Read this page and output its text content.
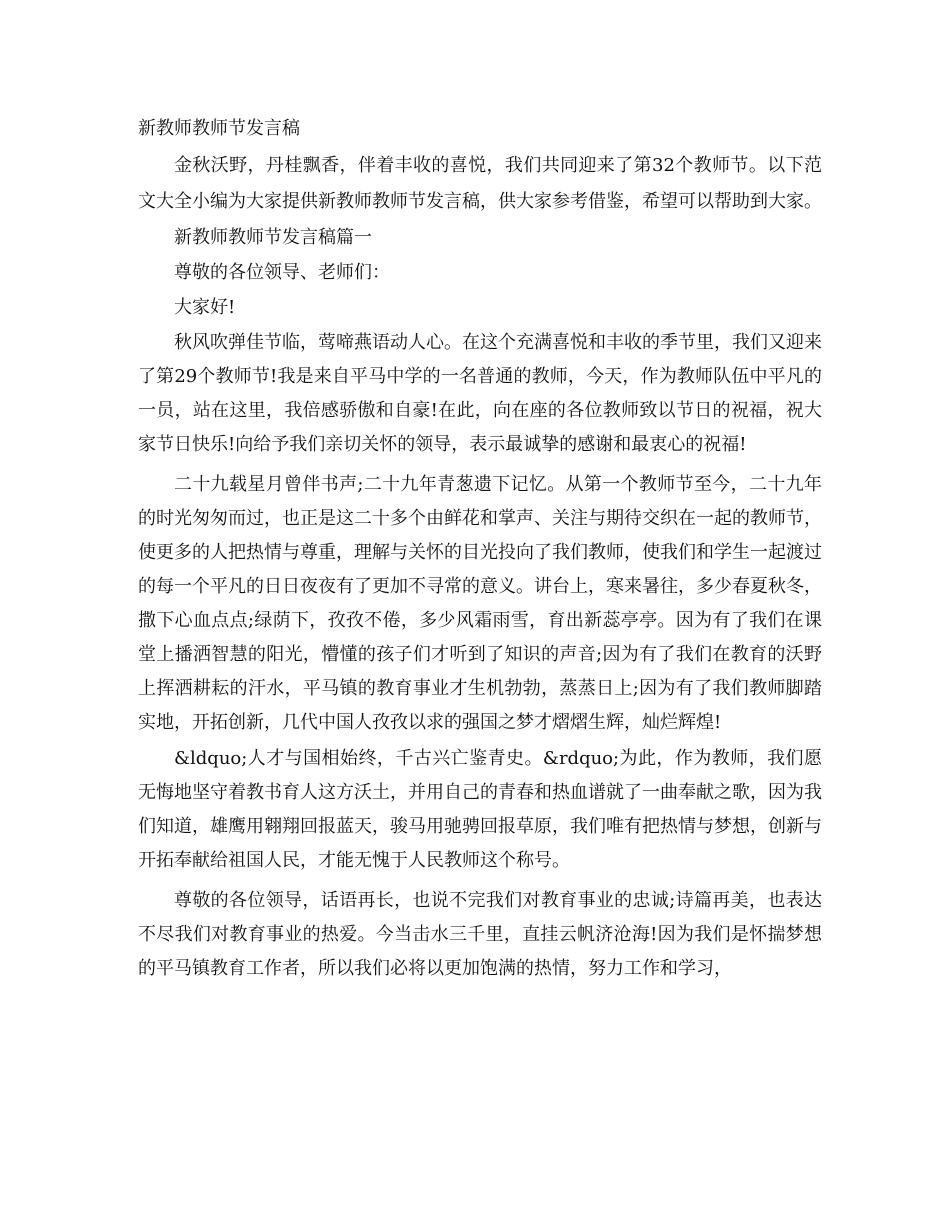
新教师教师节发言稿

金秋沃野，丹桂飘香，伴着丰收的喜悦，我们共同迎来了第32个教师节。以下范文大全小编为大家提供新教师教师节发言稿，供大家参考借鉴，希望可以帮助到大家。

新教师教师节发言稿篇一

尊敬的各位领导、老师们：

大家好!

秋风吹弹佳节临，莺啼燕语动人心。在这个充满喜悦和丰收的季节里，我们又迎来了第29个教师节!我是来自平马中学的一名普通的教师，今天，作为教师队伍中平凡的一员，站在这里，我倍感骄傲和自豪!在此，向在座的各位教师致以节日的祝福，祝大家节日快乐!向给予我们亲切关怀的领导，表示最诚挚的感谢和最衷心的祝福!

二十九载星月曾伴书声;二十九年青葱遗下记忆。从第一个教师节至今，二十九年的时光匆匆而过，也正是这二十多个由鲜花和掌声、关注与期待交织在一起的教师节，使更多的人把热情与尊重，理解与关怀的目光投向了我们教师，使我们和学生一起渡过的每一个平凡的日日夜夜有了更加不寻常的意义。讲台上，寒来暑往，多少春夏秋冬，撒下心血点点;绿荫下，孜孜不倦，多少风霜雨雪，育出新蕊亭亭。因为有了我们在课堂上播洒智慧的阳光，懵懂的孩子们才听到了知识的声音;因为有了我们在教育的沃野上挥洒耕耘的汗水，平马镇的教育事业才生机勃勃，蒸蒸日上;因为有了我们教师脚踏实地，开拓创新，几代中国人孜孜以求的强国之梦才熠熠生辉，灿烂辉煌!

&ldquo;人才与国相始终，千古兴亡鉴青史。&rdquo;为此，作为教师，我们愿无悔地坚守着教书育人这方沃土，并用自己的青春和热血谱就了一曲奉献之歌，因为我们知道，雄鹰用翱翔回报蓝天，骏马用驰骋回报草原，我们唯有把热情与梦想，创新与开拓奉献给祖国人民，才能无愧于人民教师这个称号。

尊敬的各位领导，话语再长，也说不完我们对教育事业的忠诚;诗篇再美，也表达不尽我们对教育事业的热爱。今当击水三千里，直挂云帆济沧海!因为我们是怀揣梦想的平马镇教育工作者，所以我们必将以更加饱满的热情，努力工作和学习，
